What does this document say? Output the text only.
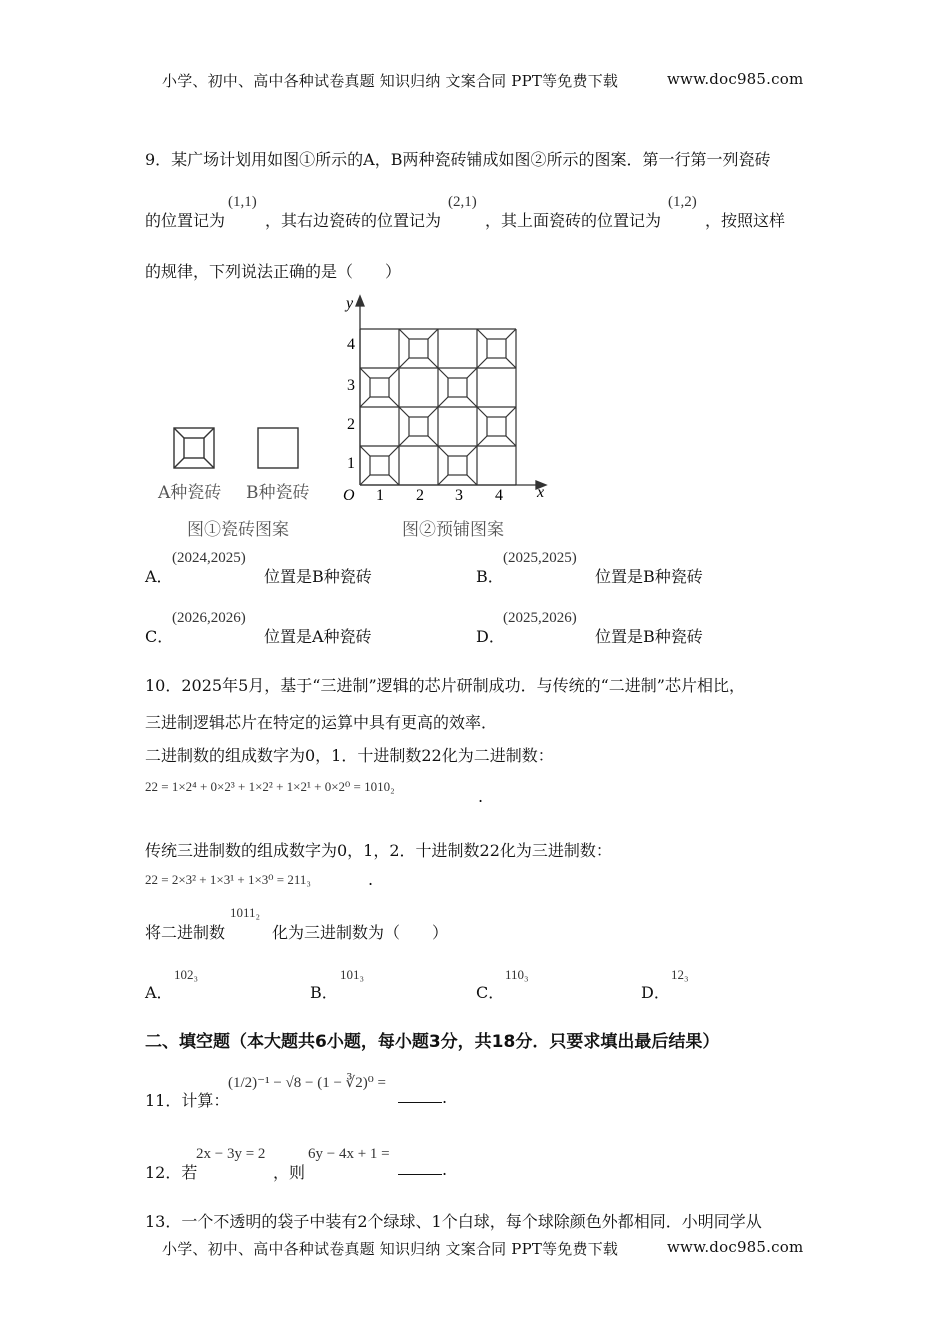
小学、初中、高中各种试卷真题 知识归纳 文案合同 PPT等免费下载	www.doc985.com
9．某广场计划用如图①所示的A，B两种瓷砖铺成如图②所示的图案．第一行第一列瓷砖
的位置记为
(1,1)
，其右边瓷砖的位置记为
(2,1)
，其上面瓷砖的位置记为
(1,2)
，按照这样
的规律，下列说法正确的是（　　）
A种瓷砖 B种瓷砖
图①瓷砖图案
y
x
O 1 2 3 4
1
2
3
4
图②预铺图案
A．
(2024,2025)
位置是B种瓷砖	B．
(2025,2025)
位置是B种瓷砖
C．
(2026,2026)
位置是A种瓷砖	D．
(2025,2026)
位置是B种瓷砖
10．2025年5月，基于“三进制”逻辑的芯片研制成功．与传统的“二进制”芯片相比，
三进制逻辑芯片在特定的运算中具有更高的效率．
二进制数的组成数字为0，1．十进制数22化为二进制数：
22 = 1×2⁴ + 0×2³ + 1×2² + 1×2¹ + 0×2⁰ = 1010₂
.
传统三进制数的组成数字为0，1，2．十进制数22化为三进制数：
22 = 2×3² + 1×3¹ + 1×3⁰ = 211₃	.
将二进制数
1011₂
化为三进制数为（　　）
A．
102₃
B．
101₃
C．
110₃
D．
12₃
二、填空题（本大题共6小题，每小题3分，共18分．只要求填出最后结果）
11．计算：
(1/2)⁻¹ − √8 − (1 − ∛2)⁰ =
.
12．若
2x − 3y = 2
，则
6y − 4x + 1 =
.
13．一个不透明的袋子中装有2个绿球、1个白球，每个球除颜色外都相同．小明同学从
小学、初中、高中各种试卷真题 知识归纳 文案合同 PPT等免费下载	www.doc985.com
